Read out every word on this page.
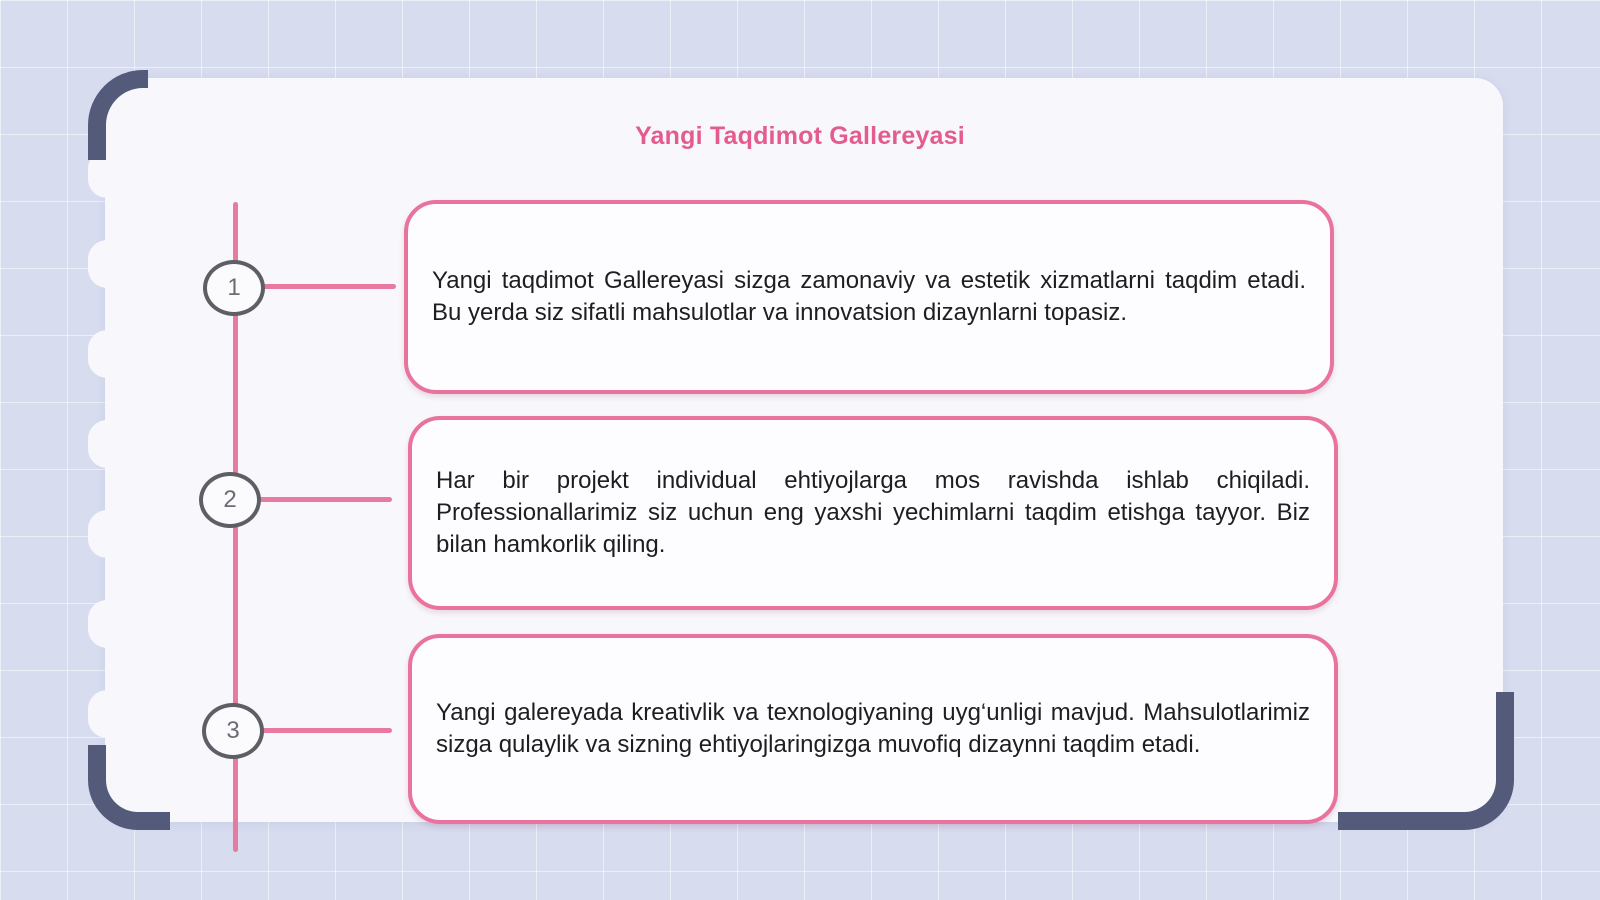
Yangi Taqdimot Gallereyasi
1
2
3

Yangi taqdimot Gallereyasi sizga zamonaviy va estetik xizmatlarni taqdim etadi. Bu yerda siz sifatli mahsulotlar va innovatsion dizaynlarni topasiz.

Har bir projekt individual ehtiyojlarga mos ravishda ishlab chiqiladi. Professionallarimiz siz uchun eng yaxshi yechimlarni taqdim etishga tayyor. Biz bilan hamkorlik qiling.

Yangi galereyada kreativlik va texnologiyaning uyg‘unligi mavjud. Mahsulotlarimiz sizga qulaylik va sizning ehtiyojlaringizga muvofiq dizaynni taqdim etadi.
